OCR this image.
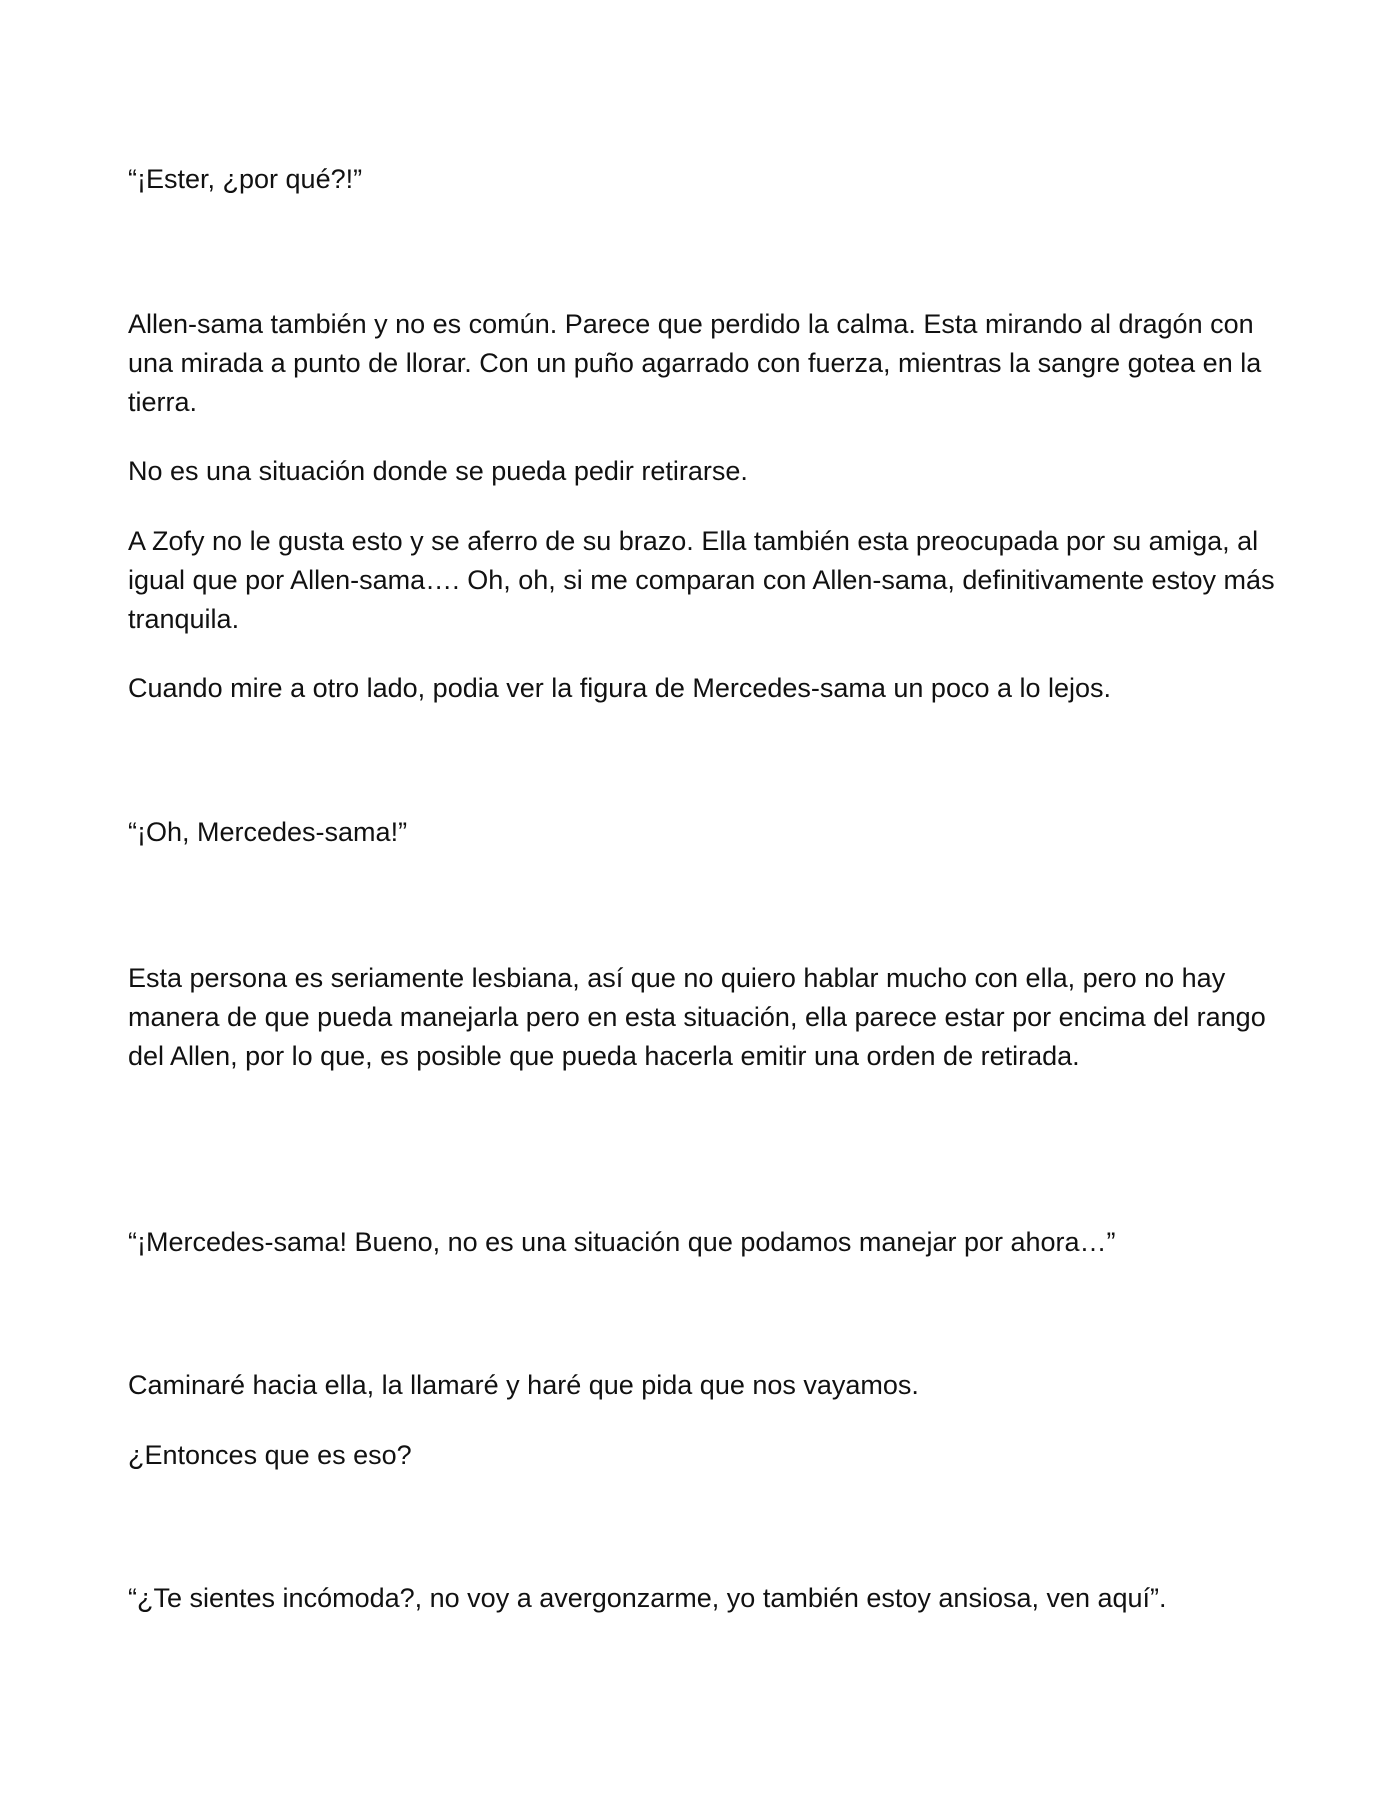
“¡Ester, ¿por qué?!”

Allen-sama también y no es común. Parece que perdido la calma. Esta mirando al dragón con una mirada a punto de llorar. Con un puño agarrado con fuerza, mientras la sangre gotea en la tierra.

No es una situación donde se pueda pedir retirarse.

A Zofy no le gusta esto y se aferro de su brazo. Ella también esta preocupada por su amiga, al igual que por Allen-sama…. Oh, oh, si me comparan con Allen-sama, definitivamente estoy más tranquila.

Cuando mire a otro lado, podia ver la figura de Mercedes-sama un poco a lo lejos.

“¡Oh, Mercedes-sama!”

Esta persona es seriamente lesbiana, así que no quiero hablar mucho con ella, pero no hay manera de que pueda manejarla pero en esta situación, ella parece estar por encima del rango del Allen, por lo que, es posible que pueda hacerla emitir una orden de retirada.

“¡Mercedes-sama! Bueno, no es una situación que podamos manejar por ahora…”

Caminaré hacia ella, la llamaré y haré que pida que nos vayamos.

¿Entonces que es eso?

“¿Te sientes incómoda?, no voy a avergonzarme, yo también estoy ansiosa, ven aquí”.
